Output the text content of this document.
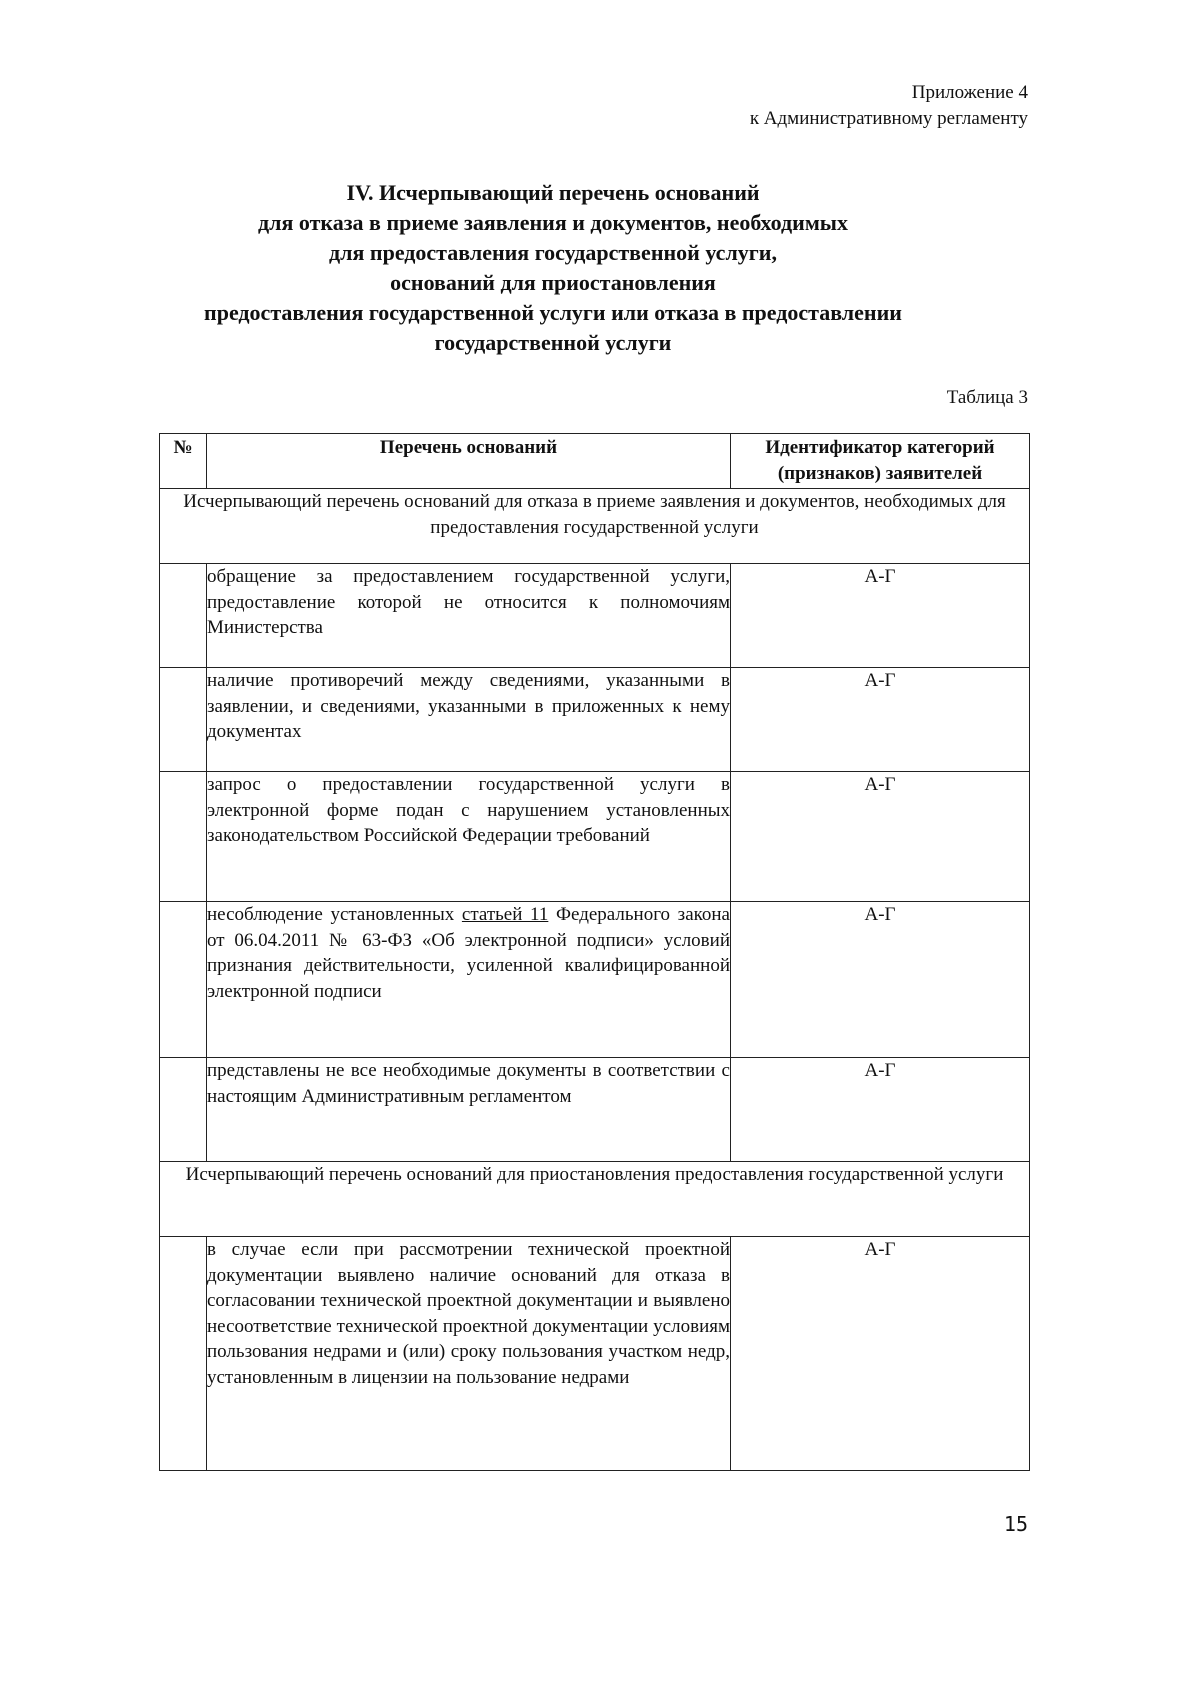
Приложение 4
к Административному регламенту
IV. Исчерпывающий перечень оснований
для отказа в приеме заявления и документов, необходимых
для предоставления государственной услуги,
оснований для приостановления
предоставления государственной услуги или отказа в предоставлении
государственной услуги
Таблица 3
№	Перечень оснований	Идентификатор категорий (признаков) заявителей

Исчерпывающий перечень оснований для отказа в приеме заявления и документов, необходимых для предоставления государственной услуги		
	обращение за предоставлением государственной услуги, предоставление которой не относится к полномочиям Министерства	А-Г
	наличие противоречий между сведениями, указанными в заявлении, и сведениями, указанными в приложенных к нему документах	А-Г
	запрос о предоставлении государственной услуги в электронной форме подан с нарушением установленных законодательством Российской Федерации требований	А-Г
	несоблюдение установленных статьей 11 Федерального закона от 06.04.2011 № 63-ФЗ «Об электронной подписи» условий признания действительности, усиленной квалифицированной электронной подписи	А-Г
	представлены не все необходимые документы в соответствии с настоящим Административным регламентом	А-Г
Исчерпывающий перечень оснований для приостановления предоставления государственной услуги		
	в случае если при рассмотрении технической проектной документации выявлено наличие оснований для отказа в согласовании технической проектной документации и выявлено несоответствие технической проектной документации условиям пользования недрами и (или) сроку пользования участком недр, установленным в лицензии на пользование недрами	А-Г
15
